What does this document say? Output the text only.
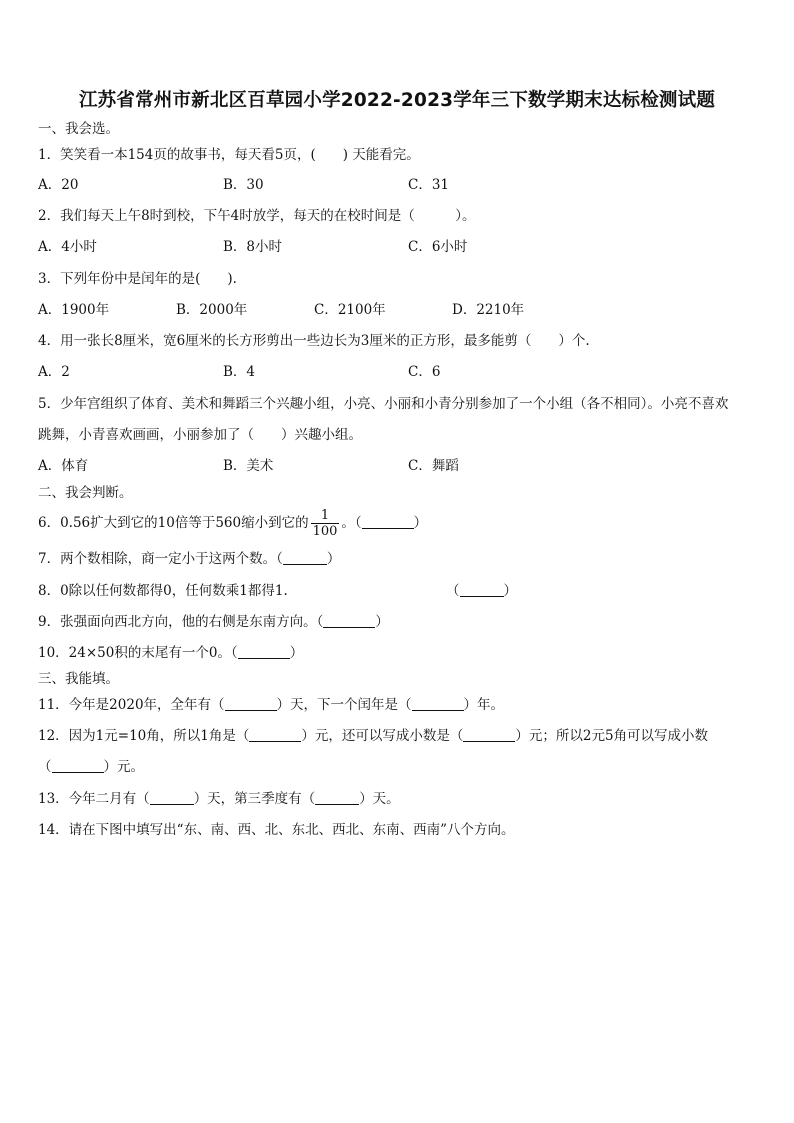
江苏省常州市新北区百草园小学2022-2023学年三下数学期末达标检测试题
一、我会选。
1．笑笑看一本154页的故事书，每天看5页，(　　) 天能看完。
A．20	B．30	C．31
2．我们每天上午8时到校，下午4时放学，每天的在校时间是（　　　）。
A．4小时	B．8小时	C．6小时
3．下列年份中是闰年的是(　　).
A．1900年	B．2000年	C．2100年	D．2210年
4．用一张长8厘米，宽6厘米的长方形剪出一些边长为3厘米的正方形，最多能剪（　　）个.
A．2	B．4	C．6
5．少年宫组织了体育、美术和舞蹈三个兴趣小组，小亮、小丽和小青分别参加了一个小组（各不相同）。小亮不喜欢
跳舞，小青喜欢画画，小丽参加了（　　）兴趣小组。
A．体育	B．美术	C．舞蹈
二、我会判断。
6．0.56扩大到它的10倍等于560缩小到它的 $\frac{1}{100}$ 。（	）
7．两个数相除，商一定小于这两个数。（	）
8．0除以任何数都得0，任何数乘1都得1.	（	）
9．张强面向西北方向，他的右侧是东南方向。（	）
10．24×50积的末尾有一个0。（	）
三、我能填。
11．今年是2020年，全年有（	）天，下一个闰年是（	）年。
12．因为1元=10角，所以1角是（	）元，还可以写成小数是（	）元；所以2元5角可以写成小数
（	）元。
13．今年二月有（	）天，第三季度有（	）天。
14．请在下图中填写出“东、南、西、北、东北、西北、东南、西南”八个方向。
